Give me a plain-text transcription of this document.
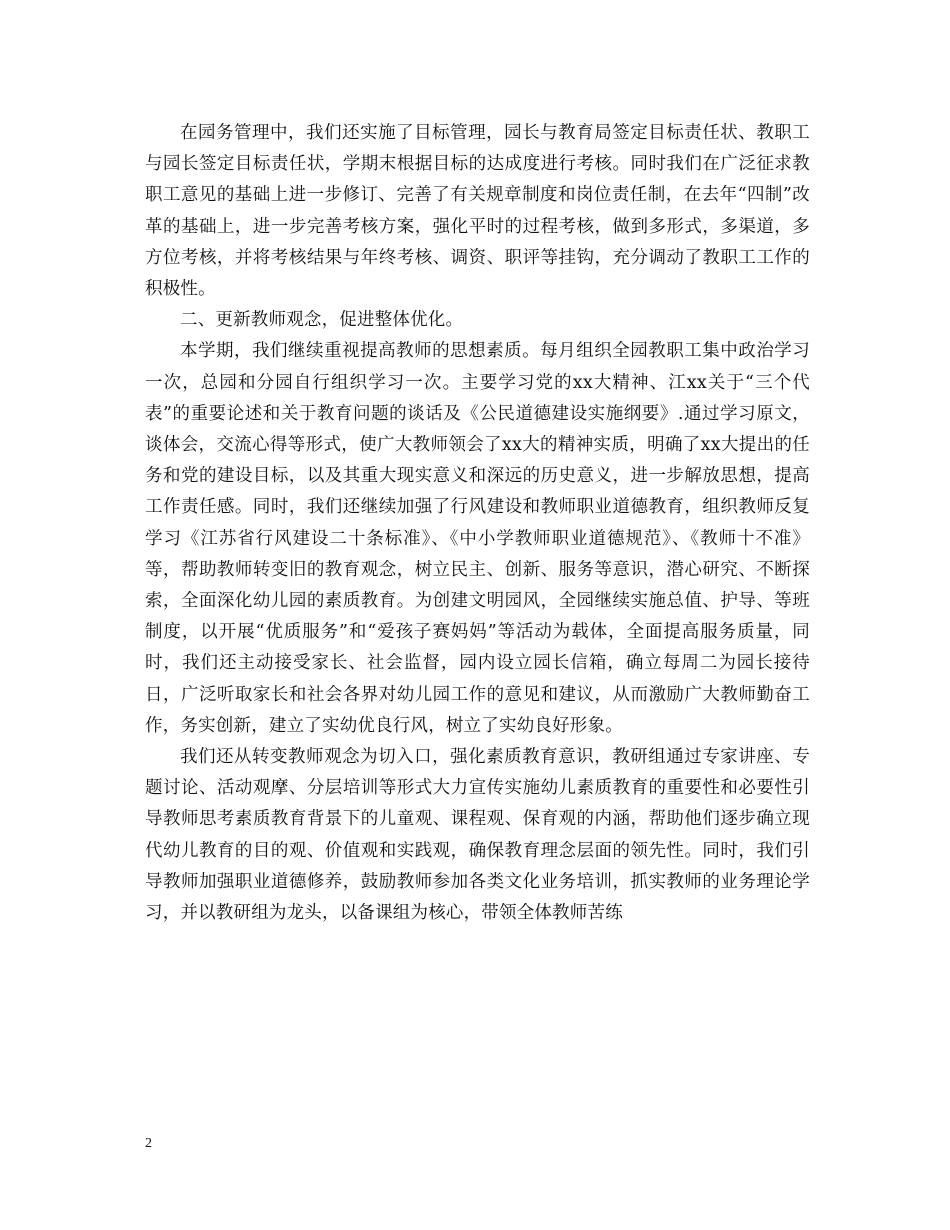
在园务管理中，我们还实施了目标管理，园长与教育局签定目标责任状、教职工与园长签定目标责任状，学期末根据目标的达成度进行考核。同时我们在广泛征求教职工意见的基础上进一步修订、完善了有关规章制度和岗位责任制，在去年“四制”改革的基础上，进一步完善考核方案，强化平时的过程考核，做到多形式，多渠道，多方位考核，并将考核结果与年终考核、调资、职评等挂钩，充分调动了教职工工作的积极性。

二、更新教师观念，促进整体优化。

本学期，我们继续重视提高教师的思想素质。每月组织全园教职工集中政治学习一次，总园和分园自行组织学习一次。主要学习党的xx大精神、江xx关于“三个代表”的重要论述和关于教育问题的谈话及《公民道德建设实施纲要》.通过学习原文，谈体会，交流心得等形式，使广大教师领会了xx大的精神实质，明确了xx大提出的任务和党的建设目标，以及其重大现实意义和深远的历史意义，进一步解放思想，提高工作责任感。同时，我们还继续加强了行风建设和教师职业道德教育，组织教师反复学习《江苏省行风建设二十条标准》、《中小学教师职业道德规范》、《教师十不准》等，帮助教师转变旧的教育观念，树立民主、创新、服务等意识，潜心研究、不断探索，全面深化幼儿园的素质教育。为创建文明园风，全园继续实施总值、护导、等班制度，以开展“优质服务”和“爱孩子赛妈妈”等活动为载体，全面提高服务质量，同时，我们还主动接受家长、社会监督，园内设立园长信箱，确立每周二为园长接待日，广泛听取家长和社会各界对幼儿园工作的意见和建议，从而激励广大教师勤奋工作，务实创新，建立了实幼优良行风，树立了实幼良好形象。

我们还从转变教师观念为切入口，强化素质教育意识，教研组通过专家讲座、专题讨论、活动观摩、分层培训等形式大力宣传实施幼儿素质教育的重要性和必要性引导教师思考素质教育背景下的儿童观、课程观、保育观的内涵，帮助他们逐步确立现代幼儿教育的目的观、价值观和实践观，确保教育理念层面的领先性。同时，我们引导教师加强职业道德修养，鼓励教师参加各类文化业务培训，抓实教师的业务理论学习，并以教研组为龙头，以备课组为核心，带领全体教师苦练

2
